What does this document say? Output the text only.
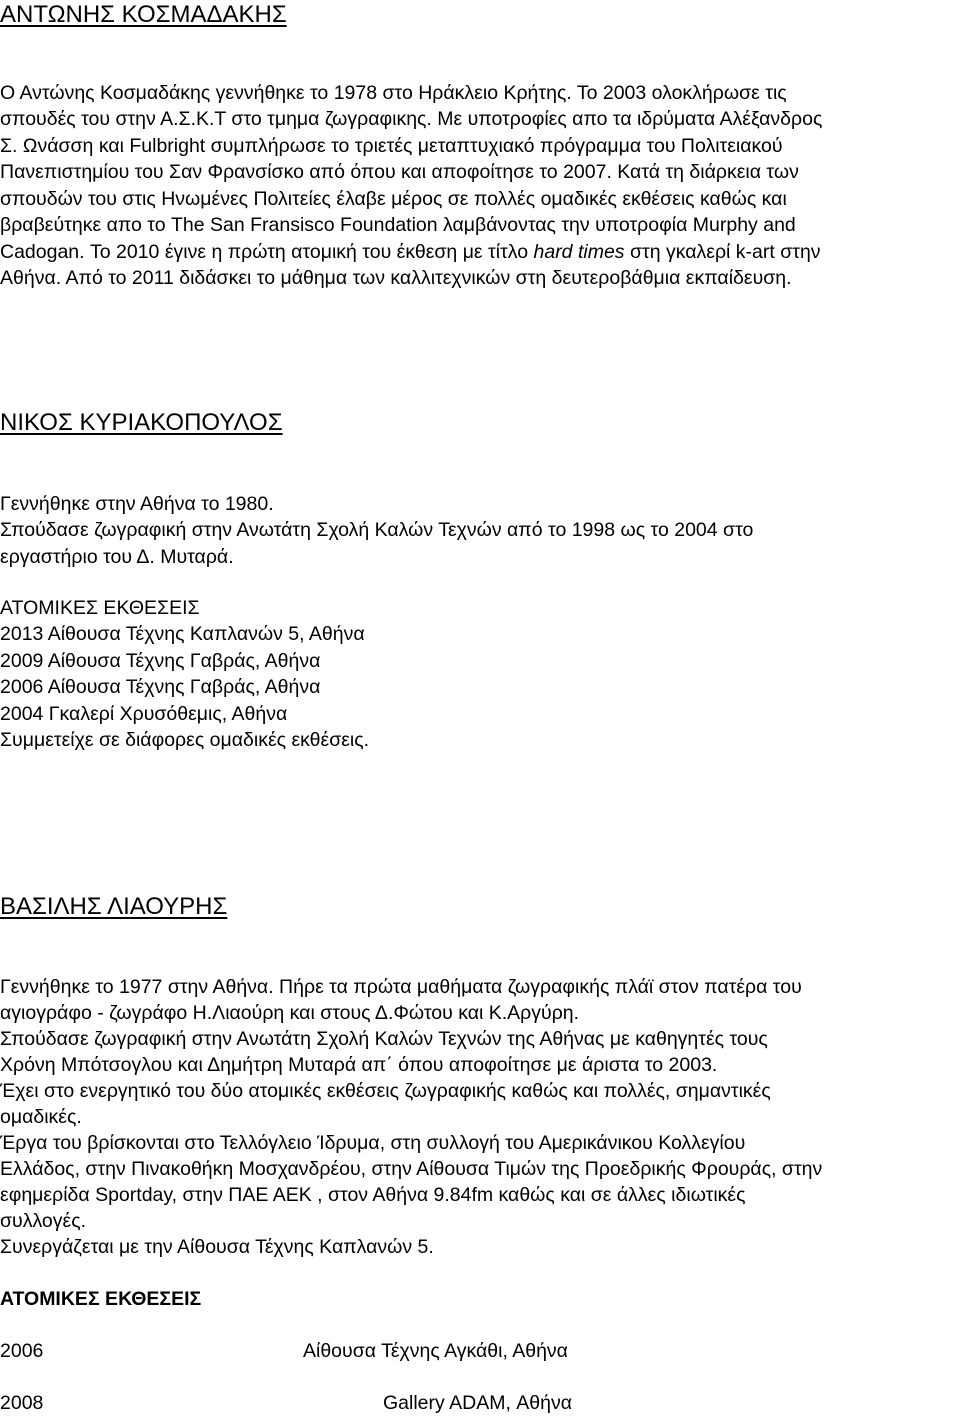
ΑΝΤΩΝΗΣ ΚΟΣΜΑΔΑΚΗΣ
Ο Αντώνης Κοσμαδάκης γεννήθηκε το 1978 στο Ηράκλειο Κρήτης. Το 2003 ολοκλήρωσε τις
σπουδές του στην Α.Σ.Κ.Τ στο τμημα ζωγραφικης. Με υποτροφίες απο τα ιδρύματα Αλέξανδρος
Σ. Ωνάσση και Fulbright συμπλήρωσε το τριετές μεταπτυχιακό πρόγραμμα του Πολιτειακού
Πανεπιστημίου του Σαν Φρανσίσκο από όπου και αποφοίτησε το 2007. Κατά τη διάρκεια των
σπουδών του στις Ηνωμένες Πολιτείες έλαβε μέρος σε πολλές ομαδικές εκθέσεις καθώς και
βραβεύτηκε απο το The San Fransisco Foundation λαμβάνοντας την υποτροφία Murphy and
Cadogan. Το 2010 έγινε η πρώτη ατομική του έκθεση με τίτλο hard times στη γκαλερί k-art στην
Αθήνα. Από το 2011 διδάσκει το μάθημα των καλλιτεχνικών στη δευτεροβάθμια εκπαίδευση.
ΝΙΚΟΣ ΚΥΡΙΑΚΟΠΟΥΛΟΣ
Γεννήθηκε στην Αθήνα το 1980.
Σπούδασε ζωγραφική στην Ανωτάτη Σχολή Καλών Τεχνών από το 1998 ως το 2004 στο
εργαστήριο του Δ. Μυταρά.
ΑΤΟΜΙΚΕΣ ΕΚΘΕΣΕΙΣ
2013 Αίθουσα Τέχνης Καπλανών 5, Αθήνα
2009 Αίθουσα Τέχνης Γαβράς, Αθήνα
2006 Αίθουσα Τέχνης Γαβράς, Αθήνα
2004 Γκαλερί Χρυσόθεμις, Αθήνα
Συμμετείχε σε διάφορες ομαδικές εκθέσεις.
ΒΑΣΙΛΗΣ ΛΙΑΟΥΡΗΣ
Γεννήθηκε το 1977 στην Αθήνα. Πήρε τα πρώτα μαθήματα ζωγραφικής πλάϊ στον πατέρα του
αγιογράφο - ζωγράφο Η.Λιαούρη και στους Δ.Φώτου και Κ.Αργύρη.
Σπούδασε ζωγραφική στην Ανωτάτη Σχολή Καλών Τεχνών της Αθήνας με καθηγητές τους
Χρόνη Μπότσογλου και Δημήτρη Μυταρά απ΄ όπου αποφοίτησε με άριστα το 2003.
Έχει στο ενεργητικό του δύο ατομικές εκθέσεις ζωγραφικής καθώς και πολλές, σημαντικές
ομαδικές.
Έργα του βρίσκονται στο Τελλόγλειο Ίδρυμα, στη συλλογή του Αμερικάνικου Κολλεγίου
Ελλάδος, στην Πινακοθήκη Μοσχανδρέου, στην Αίθουσα Τιμών της Προεδρικής Φρουράς, στην
εφημερίδα Sportday, στην ΠΑΕ ΑΕΚ , στον Αθήνα 9.84fm καθώς και σε άλλες ιδιωτικές
συλλογές.
Συνεργάζεται με την Αίθουσα Τέχνης Καπλανών 5.
ΑΤΟΜΙΚΕΣ ΕΚΘΕΣΕΙΣ
2006	Αίθουσα Τέχνης Αγκάθι, Αθήνα
2008	Gallery ADAM, Αθήνα
